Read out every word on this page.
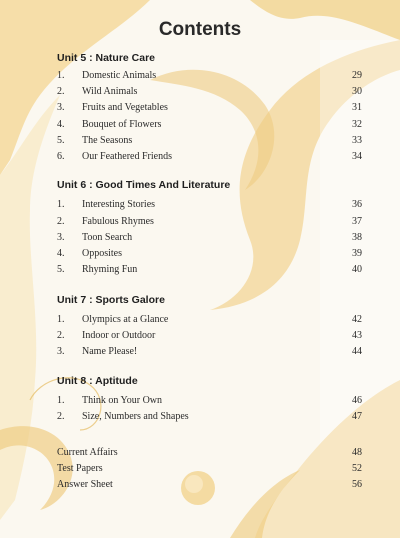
Contents
Unit 5 : Nature Care
1. Domestic Animals	29
2. Wild Animals	30
3. Fruits and Vegetables	31
4. Bouquet of Flowers	32
5. The Seasons	33
6. Our Feathered Friends	34
Unit 6 : Good Times And Literature
1. Interesting Stories	36
2. Fabulous Rhymes	37
3. Toon Search	38
4. Opposites	39
5. Rhyming Fun	40
Unit 7 : Sports Galore
1. Olympics at a Glance	42
2. Indoor or Outdoor	43
3. Name Please!	44
Unit 8 : Aptitude
1. Think on Your Own	46
2. Size, Numbers and Shapes	47
Current Affairs	48
Test Papers	52
Answer Sheet	56
